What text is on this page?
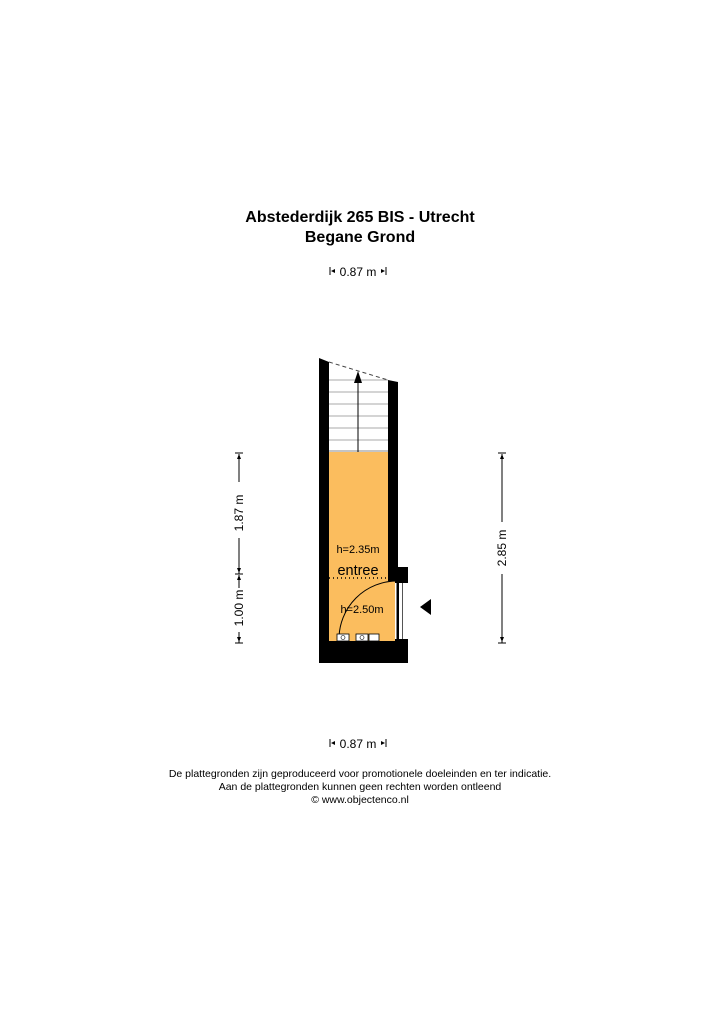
Abstederdijk 265 BIS - Utrecht
Begane Grond
0.87 m
0.87 m
h=2.35m
entree
h=2.50m
1.87 m
1.00 m
2.85 m
De plattegronden zijn geproduceerd voor promotionele doeleinden en ter indicatie.
Aan de plattegronden kunnen geen rechten worden ontleend
© www.objectenco.nl
